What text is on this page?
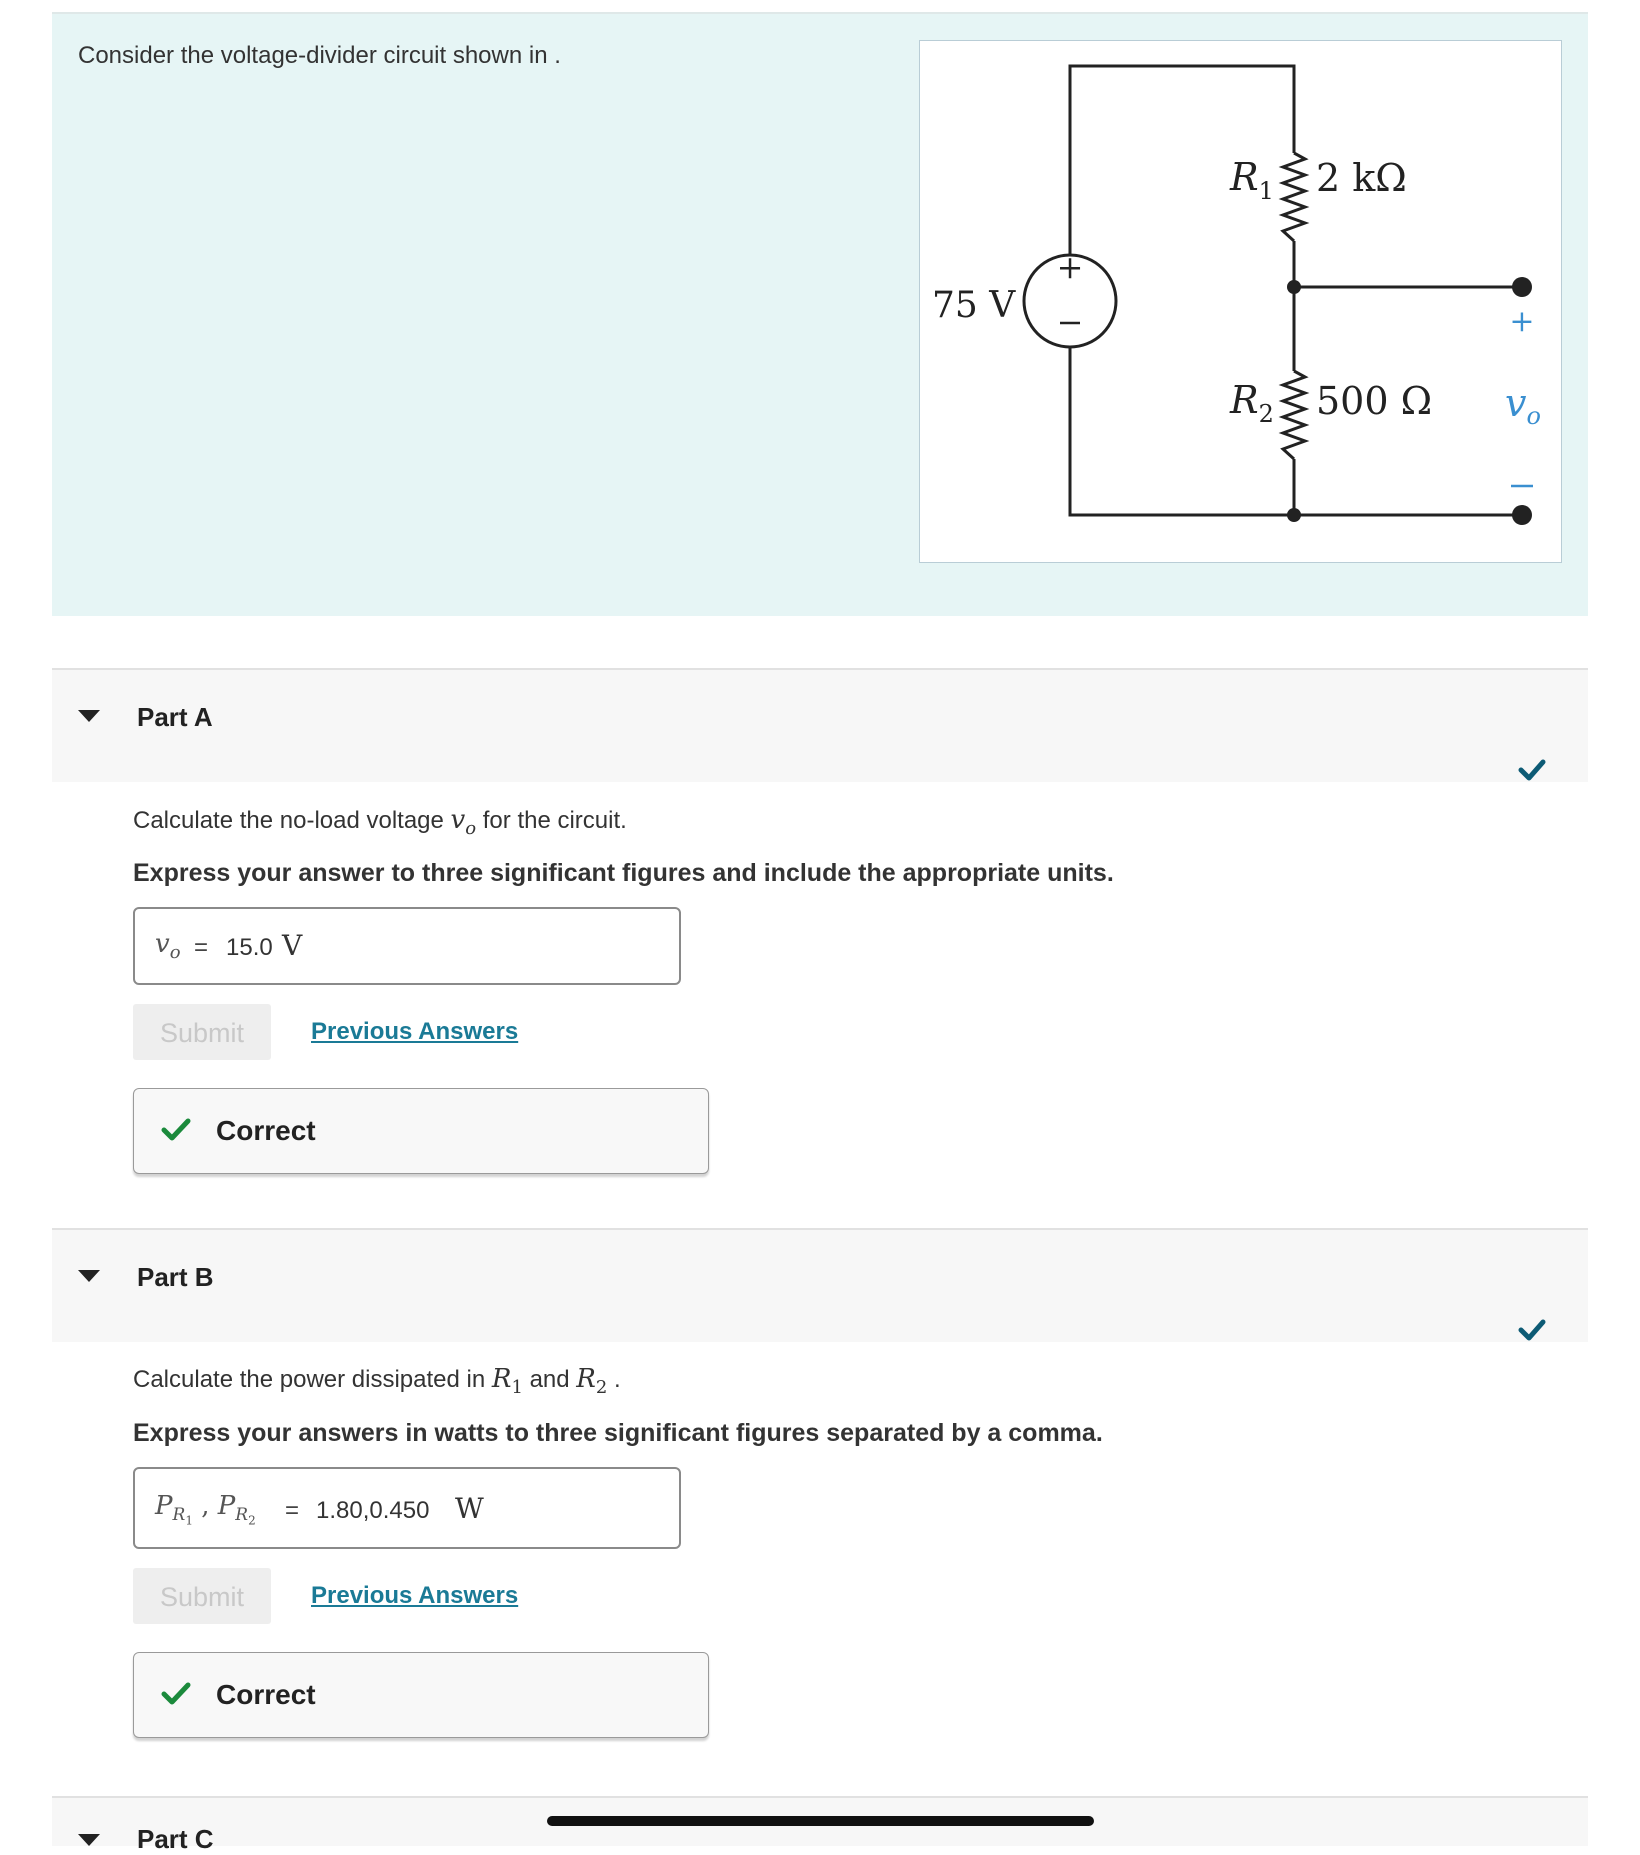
Consider the voltage-divider circuit shown in .
+
75 V
$R_1$ 2 kΩ
$R_2$ 500 Ω
+
$v_o$
Part A
Calculate the no-load voltage $v_o$ for the circuit.
Express your answer to three significant figures and include the appropriate units.
$v_o = 15.0$ V
Submit	Previous Answers
Correct
Part B
Calculate the power dissipated in $R_1$ and $R_2$ .
Express your answers in watts to three significant figures separated by a comma.
$P_{R_1}$ , $P_{R_2} = 1.80,0.450$ W
Submit	Previous Answers
Correct
Part C
